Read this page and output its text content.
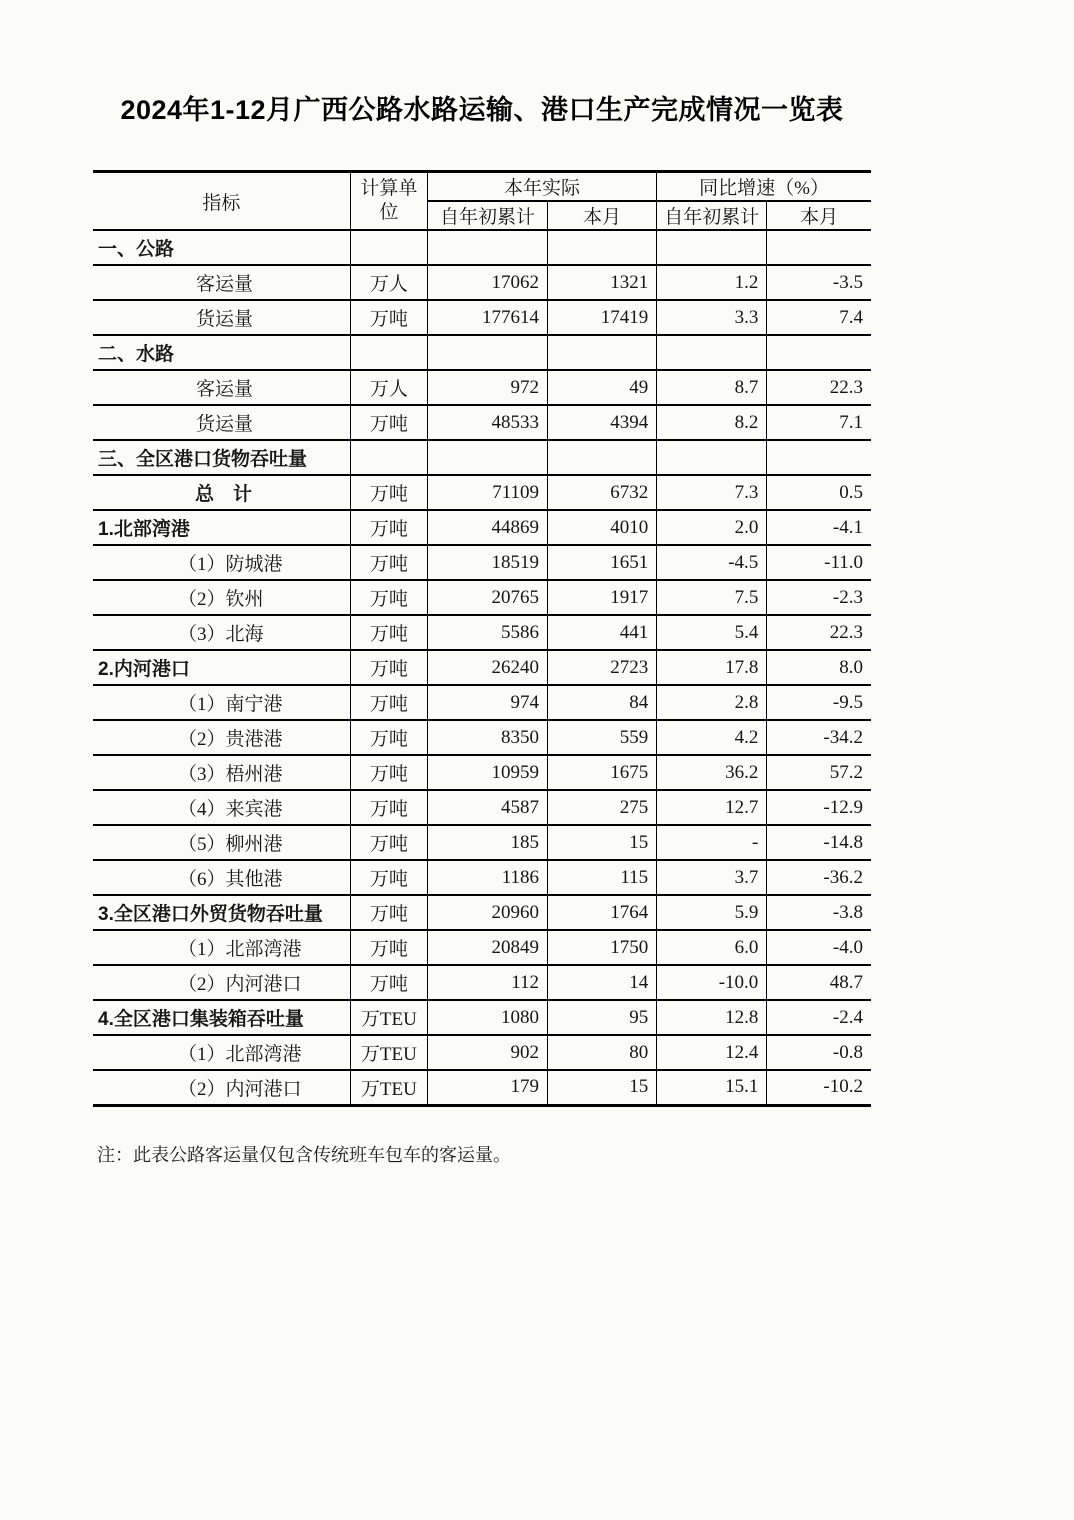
2024年1-12月广西公路水路运输、港口生产完成情况一览表
指标	计算单位	本年实际		同比增速（%）	
		自年初累计	本月	自年初累计	本月
一、公路					
客运量	万人	17062	1321	1.2	-3.5
货运量	万吨	177614	17419	3.3	7.4
二、水路					
客运量	万人	972	49	8.7	22.3
货运量	万吨	48533	4394	8.2	7.1
三、全区港口货物吞吐量					
总　计	万吨	71109	6732	7.3	0.5
1.北部湾港	万吨	44869	4010	2.0	-4.1
（1）防城港	万吨	18519	1651	-4.5	-11.0
（2）钦州	万吨	20765	1917	7.5	-2.3
（3）北海	万吨	5586	441	5.4	22.3
2.内河港口	万吨	26240	2723	17.8	8.0
（1）南宁港	万吨	974	84	2.8	-9.5
（2）贵港港	万吨	8350	559	4.2	-34.2
（3）梧州港	万吨	10959	1675	36.2	57.2
（4）来宾港	万吨	4587	275	12.7	-12.9
（5）柳州港	万吨	185	15	-	-14.8
（6）其他港	万吨	1186	115	3.7	-36.2
3.全区港口外贸货物吞吐量	万吨	20960	1764	5.9	-3.8
（1）北部湾港	万吨	20849	1750	6.0	-4.0
（2）内河港口	万吨	112	14	-10.0	48.7
4.全区港口集装箱吞吐量	万TEU	1080	95	12.8	-2.4
（1）北部湾港	万TEU	902	80	12.4	-0.8
（2）内河港口	万TEU	179	15	15.1	-10.2
注：此表公路客运量仅包含传统班车包车的客运量。
